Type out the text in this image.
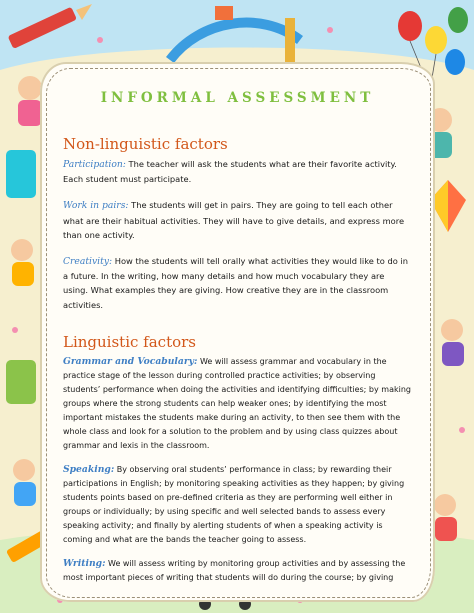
INFORMAL ASSESSMENT
Non-linguistic factors

Participation: The teacher will ask the students what are their favorite activity. Each student must participate.

Work in pairs: The students will get in pairs. They are going to tell each other what are their habitual activities. They will have to give details, and express more than one activity.

Creativity: How the students will tell orally what activities they would like to do in a future. In the writing, how many details and how much vocabulary they are using. What examples they are giving. How creative they are in the classroom activities.

Linguistic factors

Grammar and Vocabulary: We will assess grammar and vocabulary in the practice stage of the lesson during controlled practice activities; by observing students’ performance when doing the activities and identifying difficulties; by making groups where the strong students can help weaker ones; by identifying the most important mistakes the students make during an activity, to then see them with the whole class and look for a solution to the problem and by using class quizzes about grammar and lexis in the classroom.

Speaking: By observing oral students’ performance in class; by rewarding their participations in English; by monitoring speaking activities as they happen; by giving students points based on pre-defined criteria as they are performing well either in groups or individually; by using specific and well selected bands to assess every speaking activity; and finally by alerting students of when a speaking activity is coming and what are the bands the teacher going to assess.

Writing: We will assess writing by monitoring group activities and by assessing the most important pieces of writing that students will do during the course; by giving
